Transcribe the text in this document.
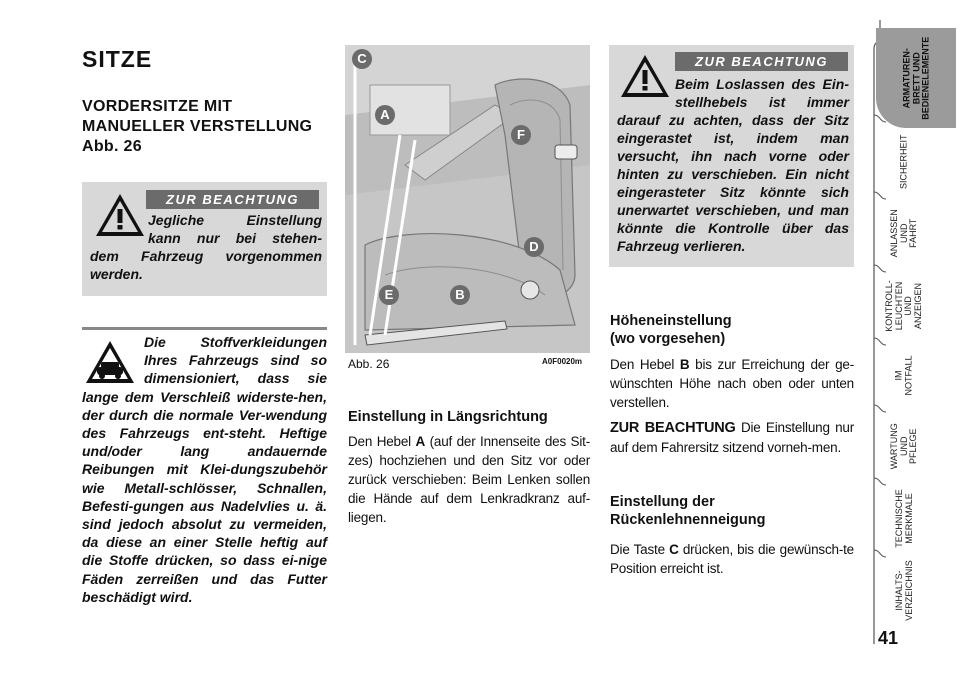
SITZE
VORDERSITZE MIT MANUELLER VERSTELLUNG Abb. 26
ZUR BEACHTUNG
Jegliche Einstellung
kann nur bei stehen-
dem Fahrzeug vorgenommen werden.
Die Stoffverkleidungen
Ihres Fahrzeugs sind so
dimensioniert, dass sie
lange dem Verschleiß widerste-hen, der durch die normale Ver-wendung des Fahrzeugs ent-steht. Heftige und/oder lang andauernde Reibungen mit Klei-dungszubehör wie Metall-schlösser, Schnallen, Befesti-gungen aus Nadelvlies u. ä. sind jedoch absolut zu vermeiden, da diese an einer Stelle heftig auf die Stoffe drücken, so dass ei-nige Fäden zerreißen und das Futter beschädigt wird.
C
A
F
D
E	B
Abb. 26	A0F0020m
Einstellung in Längsrichtung
Den Hebel A (auf der Innenseite des Sit-zes) hochziehen und den Sitz vor oder zurück verschieben: Beim Lenken sollen die Hände auf dem Lenkradkranz auf-liegen.
ZUR BEACHTUNG
Beim Loslassen des Ein-
stellhebels ist immer
darauf zu achten, dass der Sitz eingerastet ist, indem man versucht, ihn nach vorne oder hinten zu verschieben. Ein nicht eingerasteter Sitz könnte sich unerwartet verschieben, und man könnte die Kontrolle über das Fahrzeug verlieren.
Höheneinstellung
(wo vorgesehen)
Den Hebel B bis zur Erreichung der ge-wünschten Höhe nach oben oder unten verstellen.
ZUR BEACHTUNG Die Einstellung nur auf dem Fahrersitz sitzend vorneh-men.
Einstellung der
Rückenlehnenneigung
Die Taste C drücken, bis die gewünsch-te Position erreicht ist.
ARMATUREN-
BRETT UND
BEDIENELEMENTE
SICHERHEIT
ANLASSEN
UND FAHRT
KONTROLL-
LEUCHTEN
UND ANZEIGEN
IM NOTFALL
WARTUNG
UND PFLEGE
TECHNISCHE
MERKMALE
INHALTS-
VERZEICHNIS
41
